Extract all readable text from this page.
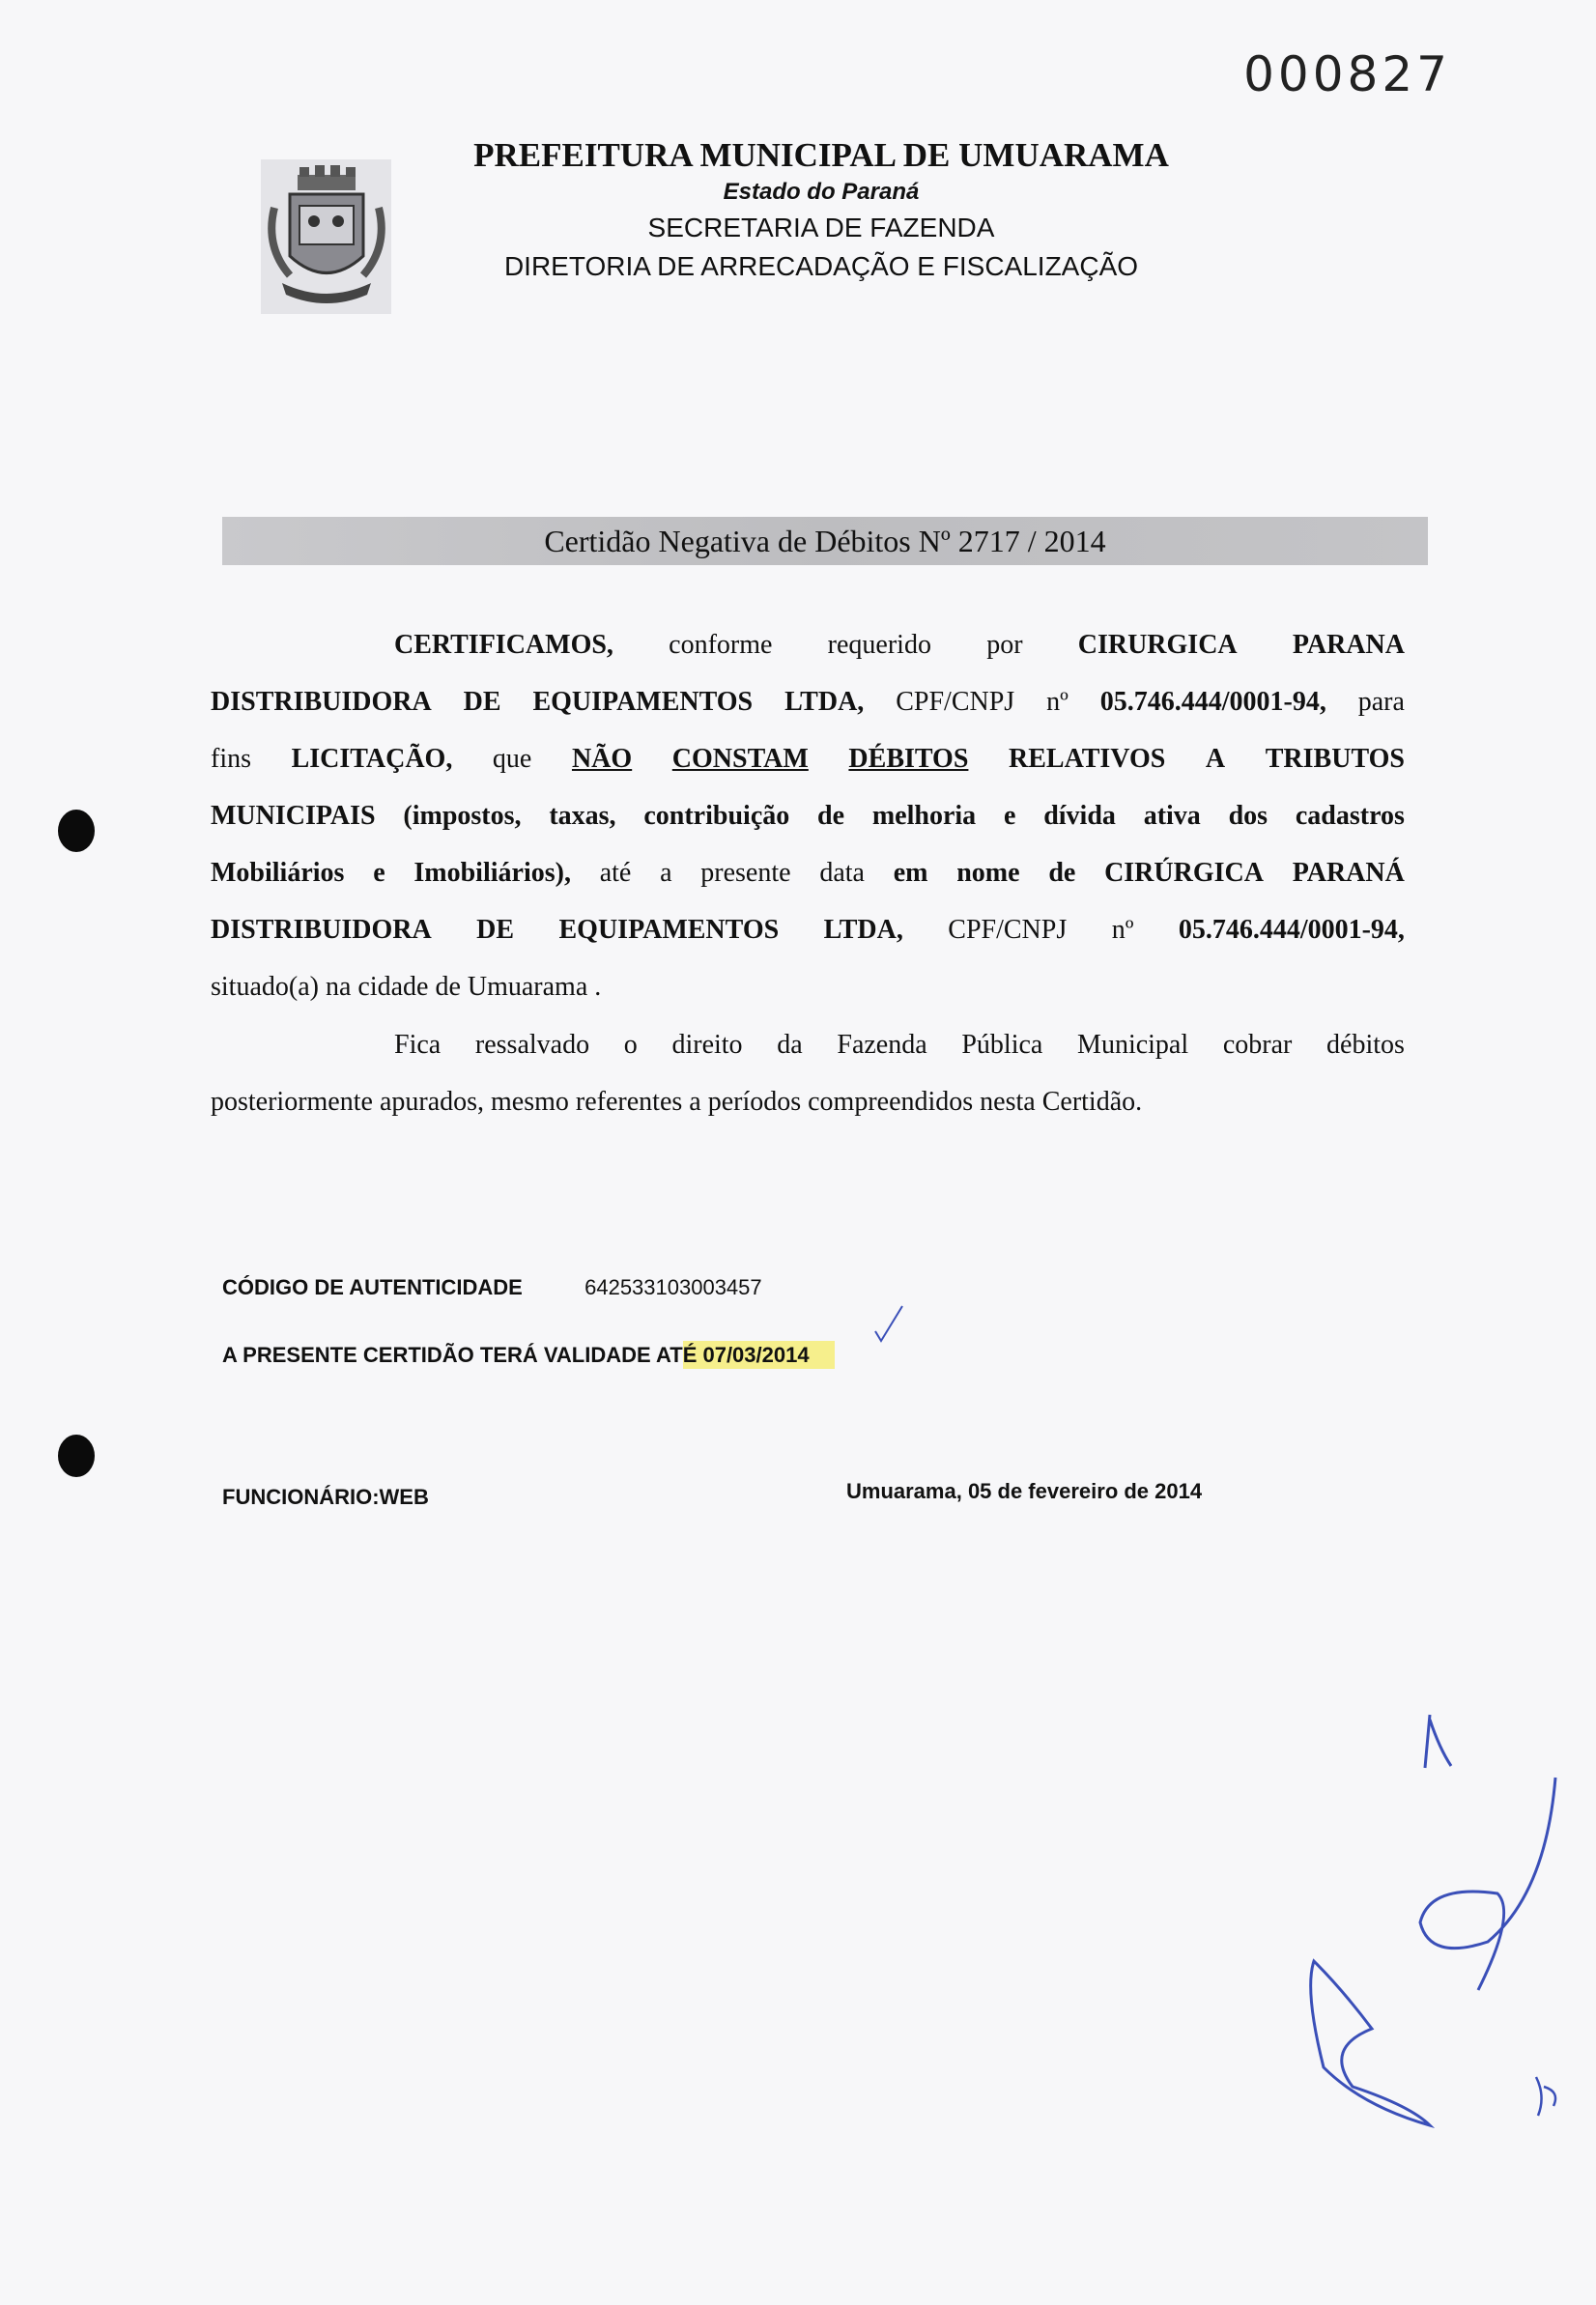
000827
PREFEITURA MUNICIPAL DE UMUARAMA
Estado do Paraná
SECRETARIA DE FAZENDA
DIRETORIA DE ARRECADAÇÃO E FISCALIZAÇÃO
Certidão Negativa de Débitos Nº 2717 / 2014
CERTIFICAMOS, conforme requerido por CIRURGICA PARANA
DISTRIBUIDORA DE EQUIPAMENTOS LTDA, CPF/CNPJ nº 05.746.444/0001-94, para
fins LICITAÇÃO, que NÃO CONSTAM DÉBITOS RELATIVOS A TRIBUTOS
MUNICIPAIS (impostos, taxas, contribuição de melhoria e dívida ativa dos cadastros
Mobiliários e Imobiliários), até a presente data em nome de CIRÚRGICA PARANÁ
DISTRIBUIDORA DE EQUIPAMENTOS LTDA, CPF/CNPJ nº 05.746.444/0001-94,
situado(a) na cidade de Umuarama .
Fica ressalvado o direito da Fazenda Pública Municipal cobrar débitos
posteriormente apurados, mesmo referentes a períodos compreendidos nesta Certidão.
CÓDIGO DE AUTENTICIDADE	642533103003457
A PRESENTE CERTIDÃO TERÁ VALIDADE ATÉ 07/03/2014
FUNCIONÁRIO:WEB	Umuarama, 05 de fevereiro de 2014
